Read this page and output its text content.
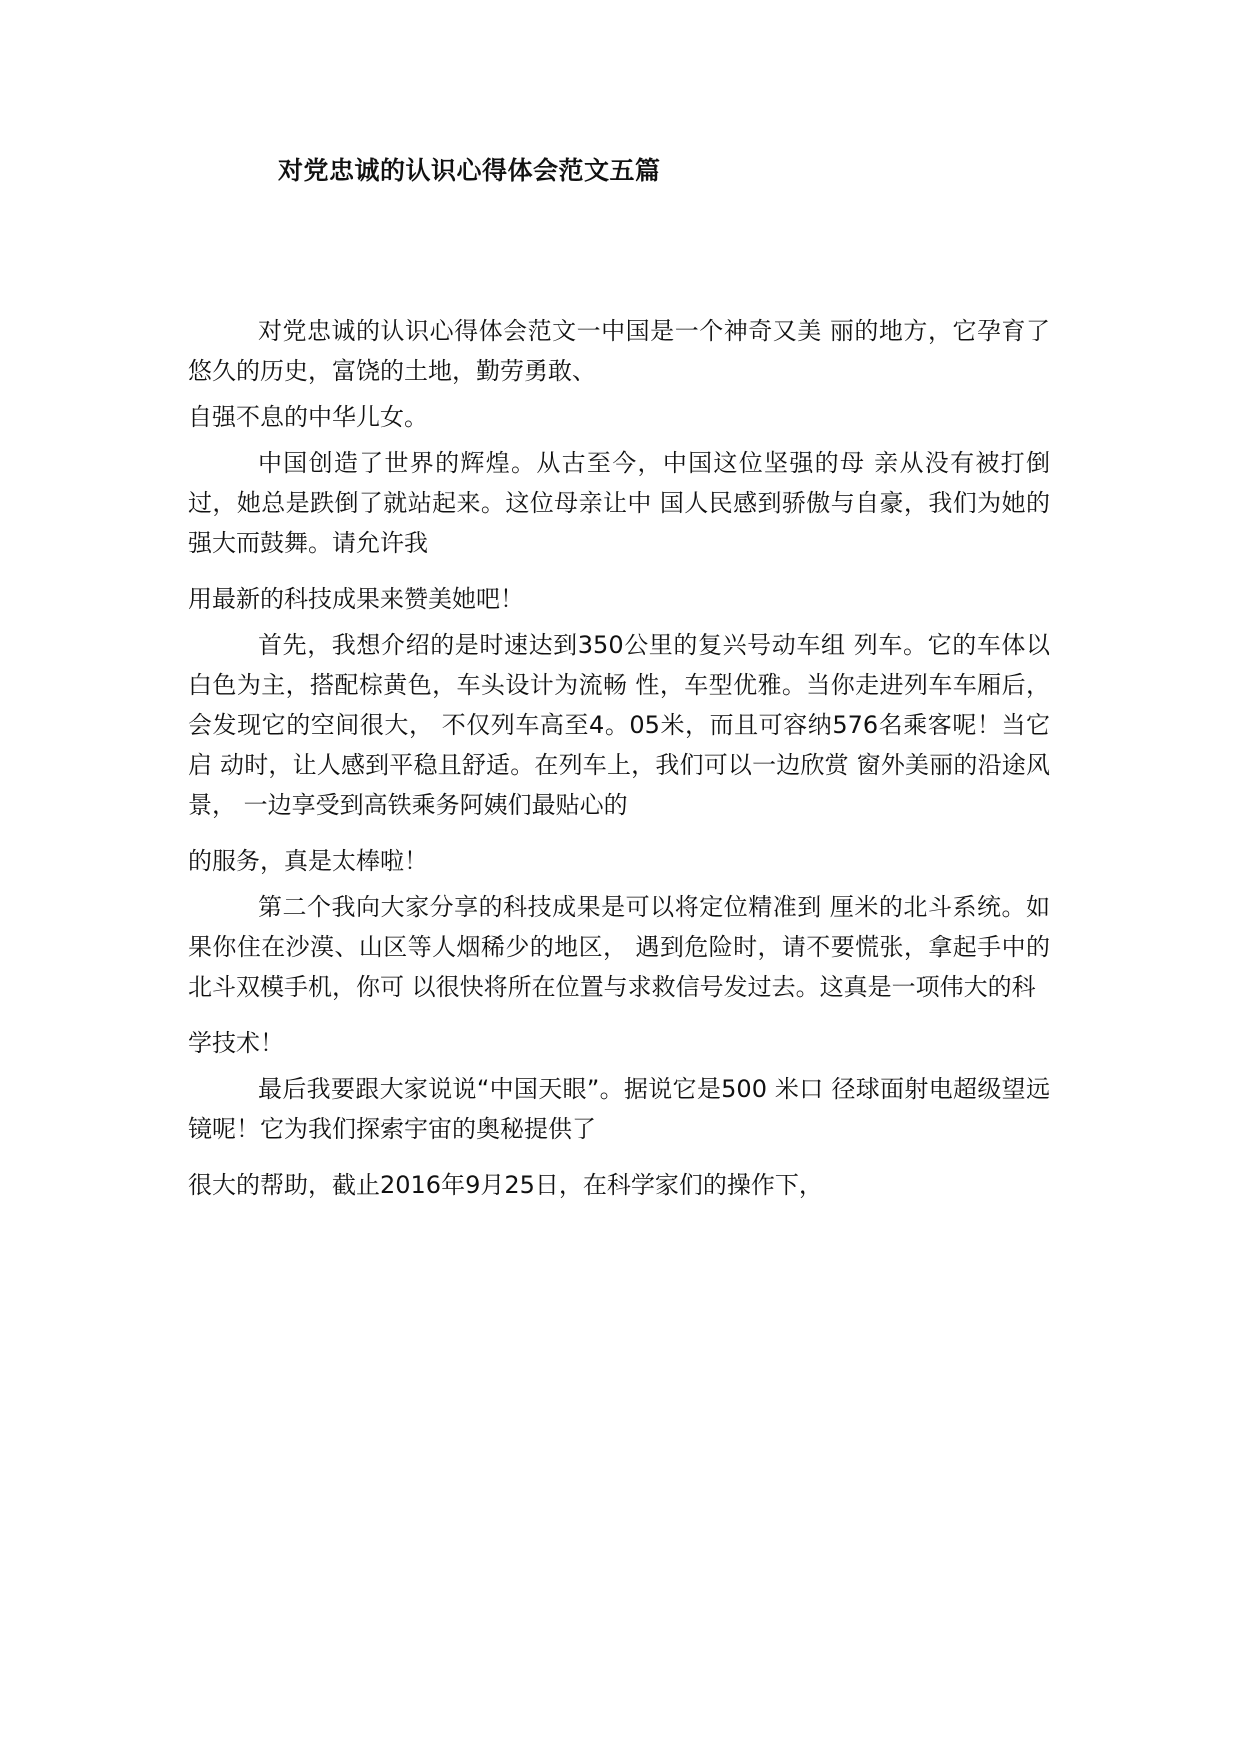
对党忠诚的认识心得体会范文五篇

对党忠诚的认识心得体会范文一中国是一个神奇又美 丽的地方，它孕育了悠久的历史，富饶的土地，勤劳勇敢、

自强不息的中华儿女。

中国创造了世界的辉煌。从古至今，中国这位坚强的母 亲从没有被打倒过，她总是跌倒了就站起来。这位母亲让中 国人民感到骄傲与自豪，我们为她的强大而鼓舞。请允许我

用最新的科技成果来赞美她吧！

首先，我想介绍的是时速达到350公里的复兴号动车组 列车。它的车体以白色为主，搭配棕黄色，车头设计为流畅 性，车型优雅。当你走进列车车厢后，会发现它的空间很大， 不仅列车高至4。05米，而且可容纳576名乘客呢！当它启 动时，让人感到平稳且舒适。在列车上，我们可以一边欣赏 窗外美丽的沿途风景， 一边享受到高铁乘务阿姨们最贴心的

的服务，真是太棒啦！

第二个我向大家分享的科技成果是可以将定位精准到 厘米的北斗系统。如果你住在沙漠、山区等人烟稀少的地区， 遇到危险时，请不要慌张，拿起手中的北斗双模手机，你可 以很快将所在位置与求救信号发过去。这真是一项伟大的科

学技术！

最后我要跟大家说说“中国天眼”。据说它是500 米口 径球面射电超级望远镜呢！它为我们探索宇宙的奥秘提供了

很大的帮助，截止2016年9月25日，在科学家们的操作下，
